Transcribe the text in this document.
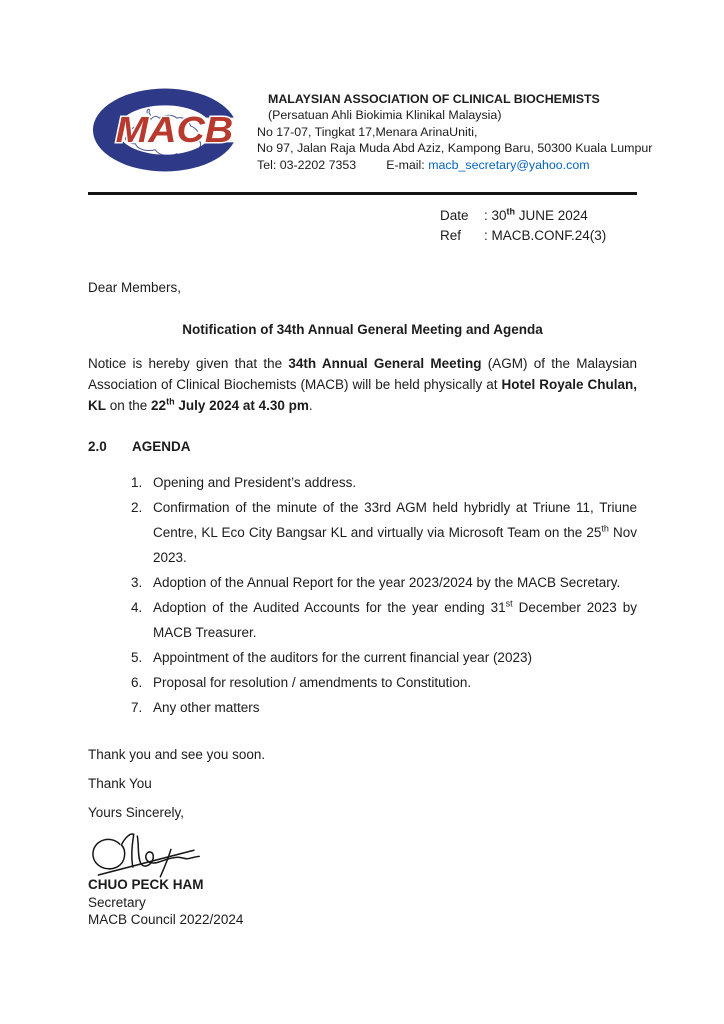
MACB
MALAYSIAN ASSOCIATION OF CLINICAL BIOCHEMISTS
(Persatuan Ahli Biokimia Klinikal Malaysia)
No 17-07, Tingkat 17,Menara ArinaUniti,
No 97, Jalan Raja Muda Abd Aziz, Kampong Baru, 50300 Kuala Lumpur
Tel: 03-2202 7353 E-mail: macb_secretary@yahoo.com
Date	: 30th JUNE 2024
Ref	: MACB.CONF.24(3)
Dear Members,
Notification of 34th Annual General Meeting and Agenda

Notice is hereby given that the 34th Annual General Meeting (AGM) of the Malaysian Association of Clinical Biochemists (MACB) will be held physically at Hotel Royale Chulan, KL on the 22th July 2024 at 4.30 pm.

2.0 AGENDA
1. Opening and President’s address.
2. Confirmation of the minute of the 33rd AGM held hybridly at Triune 11, Triune Centre, KL Eco City Bangsar KL and virtually via Microsoft Team on the 25th Nov 2023.
3. Adoption of the Annual Report for the year 2023/2024 by the MACB Secretary.
4. Adoption of the Audited Accounts for the year ending 31st December 2023 by MACB Treasurer.
5. Appointment of the auditors for the current financial year (2023)
6. Proposal for resolution / amendments to Constitution.
7. Any other matters
Thank you and see you soon.
Thank You
Yours Sincerely,
CHUO PECK HAM
Secretary
MACB Council 2022/2024
